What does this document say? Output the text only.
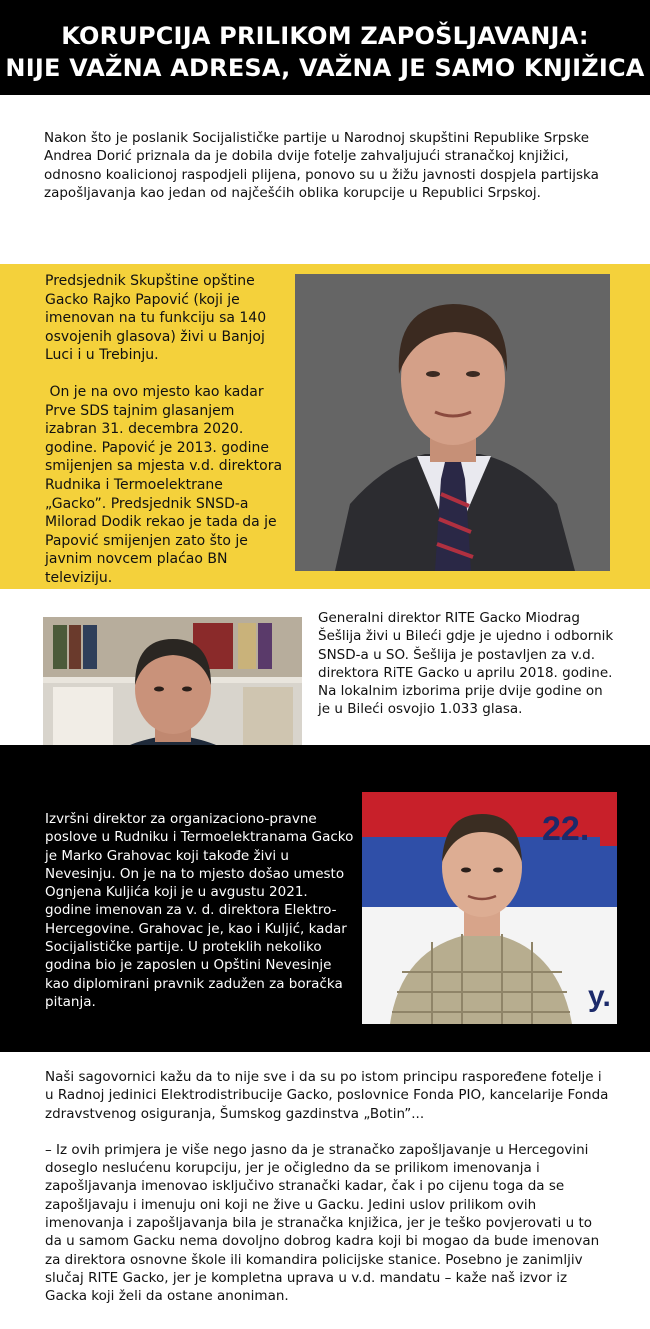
KORUPCIJA PRILIKOM ZAPOŠLJAVANJA:
NIJE VAŽNA ADRESA, VAŽNA JE SAMO KNJIŽICA
Nakon što je poslanik Socijalističke partije u Narodnoj skupštini Republike Srpske Andrea Dorić priznala da je dobila dvije fotelje zahvaljujući stranačkoj knjižici, odnosno koalicionoj raspodjeli plijena, ponovo su u žižu javnosti dospjela partijska zapošljavanja kao jedan od najčešćih oblika korupcije u Republici Srpskoj.

Predsjednik Skupštine opštine Gacko Rajko Papović (koji je imenovan na tu funkciju sa 140 osvojenih glasova) živi u Banjoj Luci i u Trebinju.

On je na ovo mjesto kao kadar Prve SDS tajnim glasanjem izabran 31. decembra 2020. godine. Papović je 2013. godine smijenjen sa mjesta v.d. direktora Rudnika i Termoelektrane „Gacko”. Predsjednik SNSD-a Milorad Dodik rekao je tada da je Papović smijenjen zato što je javnim novcem plaćao BN televiziju.

Generalni direktor RITE Gacko Miodrag Šešlija živi u Bileći gdje je ujedno i odbornik SNSD-a u SO. Šešlija je postavljen za v.d. direktora RiTE Gacko u aprilu 2018. godine. Na lokalnim izborima prije dvije godine on je u Bileći osvojio 1.033 glasa.
Izvršni direktor za organizaciono-pravne poslove u Rudniku i Termoelektranama Gacko je Marko Grahovac koji takođe živi u Nevesinju. On je na to mjesto došao umesto Ognjena Kuljića koji je u avgustu 2021. godine imenovan za v. d. direktora Elektro-Hercegovine. Grahovac je, kao i Kuljić, kadar Socijalističke partije. U proteklih nekoliko godina bio je zaposlen u Opštini Nevesinje kao diplomirani pravnik zadužen za boračka pitanja.
22.
y.

Naši sagovornici kažu da to nije sve i da su po istom principu raspoređene fotelje i u Radnoj jedinici Elektrodistribucije Gacko, poslovnice Fonda PIO, kancelarije Fonda zdravstvenog osiguranja, Šumskog gazdinstva „Botin”...

– Iz ovih primjera je više nego jasno da je stranačko zapošljavanje u Hercegovini doseglo neslućenu korupciju, jer je očigledno da se prilikom imenovanja i zapošljavanja imenovao isključivo stranački kadar, čak i po cijenu toga da se zapošljavaju i imenuju oni koji ne žive u Gacku. Jedini uslov prilikom ovih imenovanja i zapošljavanja bila je stranačka knjižica, jer je teško povjerovati u to da u samom Gacku nema dovoljno dobrog kadra koji bi mogao da bude imenovan za direktora osnovne škole ili komandira policijske stanice. Posebno je zanimljiv slučaj RITE Gacko, jer je kompletna uprava u v.d. mandatu – kaže naš izvor iz Gacka koji želi da ostane anoniman.
